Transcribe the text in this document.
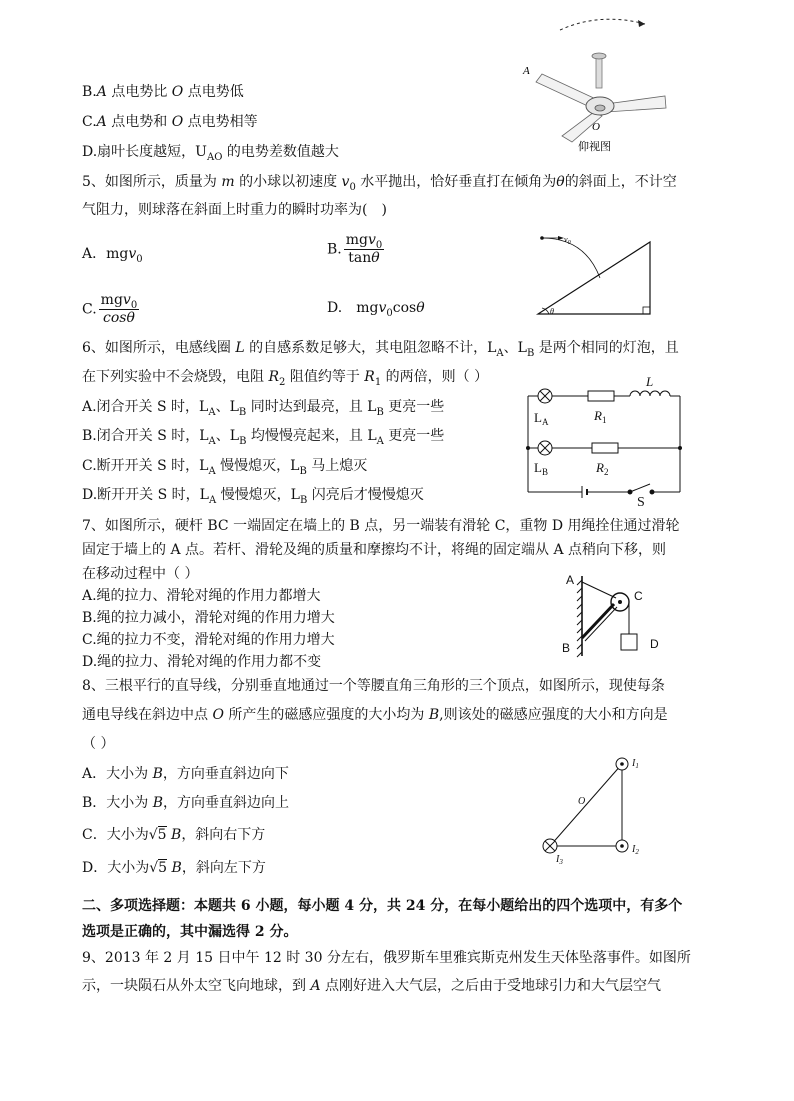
B.A 点电势比 O 点电势低
C.A 点电势和 O 点电势相等
D.扇叶长度越短，$U_{AO}$ 的电势差数值越大
A
O
仰视图
5、如图所示，质量为 m 的小球以初速度 $v_0$ 水平抛出，恰好垂直打在倾角为θ的斜面上，不计空
气阻力，则球落在斜面上时重力的瞬时功率为(　)
A．mgv$_0$
B. $\frac{mgv_0}{\tan\theta}$
C. $\frac{mgv_0}{\cos\theta}$	D.　mgv$_0$cosθ
$v_0$
θ
6、如图所示，电感线圈 L 的自感系数足够大，其电阻忽略不计，$L_A$、$L_B$ 是两个相同的灯泡，且
在下列实验中不会烧毁，电阻 $R_2$ 阻值约等于 $R_1$ 的两倍，则（ ）
A.闭合开关 S 时，$L_A$、$L_B$ 同时达到最亮，且 $L_B$ 更亮一些
B.闭合开关 S 时，$L_A$、$L_B$ 均慢慢亮起来，且 $L_A$ 更亮一些
C.断开开关 S 时，$L_A$ 慢慢熄灭，$L_B$ 马上熄灭
D.断开开关 S 时，$L_A$ 慢慢熄灭，$L_B$ 闪亮后才慢慢熄灭
L
$L_A$	$R_1$
$L_B$	$R_2$
S
7、如图所示，硬杆 BC 一端固定在墙上的 B 点，另一端装有滑轮 C，重物 D 用绳拴住通过滑轮
固定于墙上的 A 点。若杆、滑轮及绳的质量和摩擦均不计，将绳的固定端从 A 点稍向下移，则
在移动过程中（ ）
A.绳的拉力、滑轮对绳的作用力都增大
B.绳的拉力减小，滑轮对绳的作用力增大
C.绳的拉力不变，滑轮对绳的作用力增大
D.绳的拉力、滑轮对绳的作用力都不变
A
B
C
D
8、三根平行的直导线，分别垂直地通过一个等腰直角三角形的三个顶点，如图所示，现使每条
通电导线在斜边中点 O 所产生的磁感应强度的大小均为 B,则该处的磁感应强度的大小和方向是
（ ）
A．大小为 B，方向垂直斜边向下
B．大小为 B，方向垂直斜边向上
C．大小为√5 B，斜向右下方
D．大小为√5 B，斜向左下方
$I_1$
$I_2$
$I_3$
O
二、多项选择题：本题共 6 小题，每小题 4 分，共 24 分，在每小题给出的四个选项中，有多个
选项是正确的，其中漏选得 2 分。
9、2013 年 2 月 15 日中午 12 时 30 分左右，俄罗斯车里雅宾斯克州发生天体坠落事件。如图所
示，一块陨石从外太空飞向地球，到 A 点刚好进入大气层，之后由于受地球引力和大气层空气
